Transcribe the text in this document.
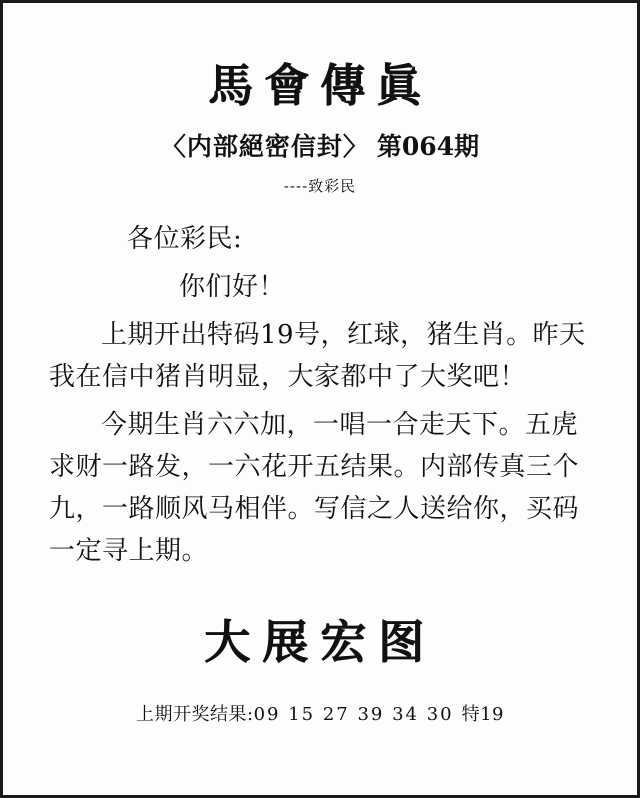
馬會傳眞
〈内部絕密信封〉 第064期
----致彩民
各位彩民:
你们好！
上期开出特码19号，红球，猪生肖。昨天我在信中猪肖明显，大家都中了大奖吧！
今期生肖六六加，一唱一合走天下。五虎求财一路发，一六花开五结果。内部传真三个九，一路顺风马相伴。写信之人送给你，买码一定寻上期。
大展宏图
上期开奖结果:09 15 27 39 34 30 特19
